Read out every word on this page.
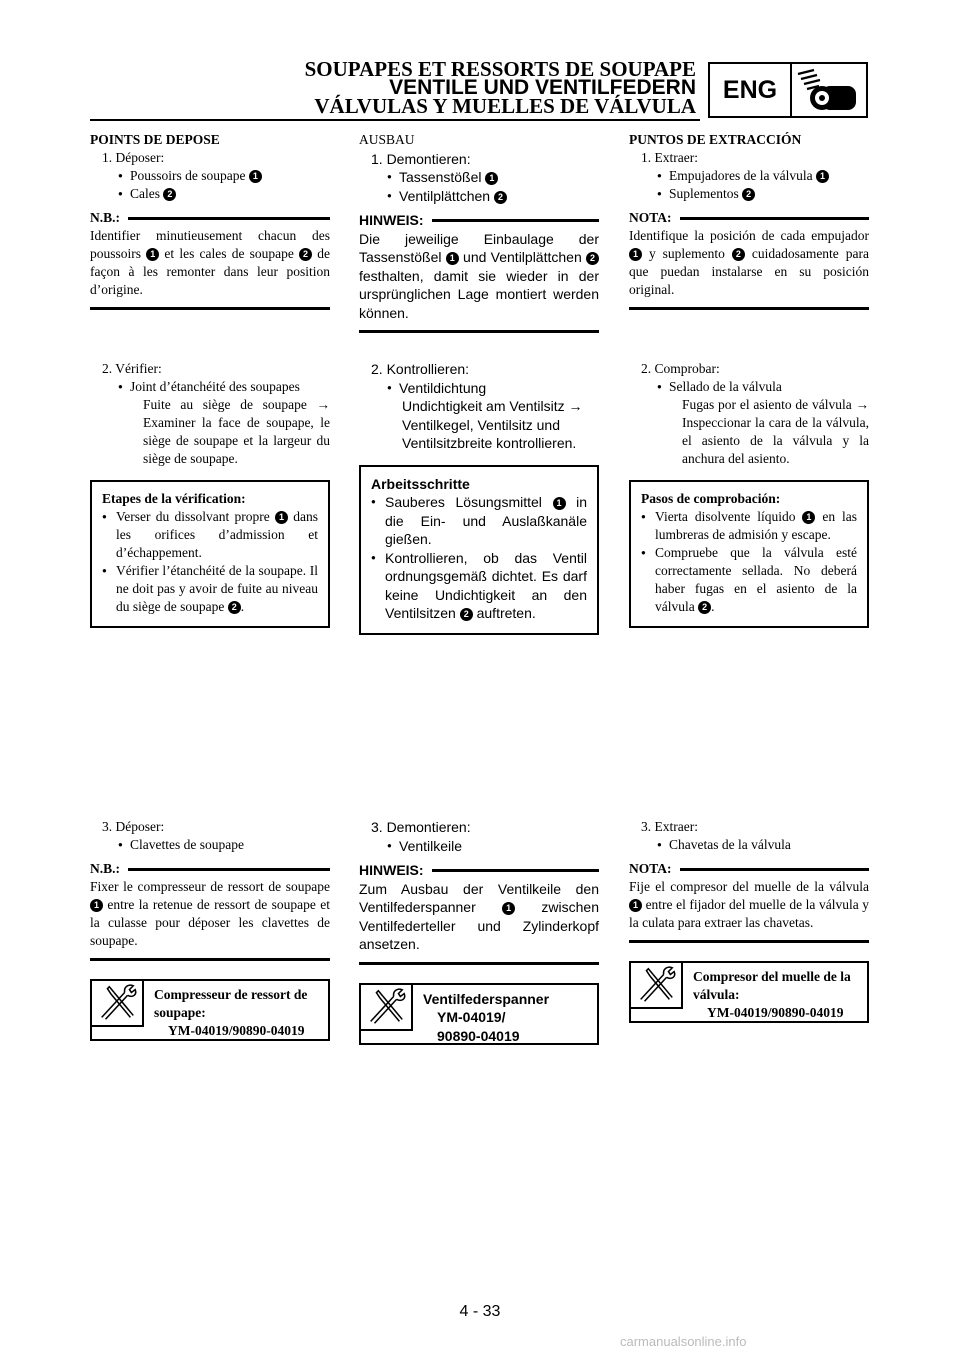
SOUPAPES ET RESSORTS DE SOUPAPE
VENTILE UND VENTILFEDERN
VÁLVULAS Y MUELLES DE VÁLVULA
ENG
POINTS DE DEPOSE
1. Déposer:
● Poussoirs de soupape 1
● Cales 2
N.B.:
Identifier minutieusement chacun des poussoirs 1 et les cales de soupape 2 de façon à les remonter dans leur position d’origine.
2. Vérifier:
● Joint d’étanchéité des soupapes
Fuite au siège de soupape → Examiner la face de soupape, le siège de soupape et la largeur du siège de soupape.
Etapes de la vérification:
● Verser du dissolvant propre 1 dans les orifices d’admission et d’échappement.
● Vérifier l’étanchéité de la soupape. Il ne doit pas y avoir de fuite au niveau du siège de soupape 2 .
3. Déposer:
● Clavettes de soupape
N.B.:
Fixer le compresseur de ressort de soupape 1 entre la retenue de ressort de soupape et la culasse pour déposer les clavettes de soupape.
Compresseur de ressort de soupape:
YM-04019/90890-04019
AUSBAU
1. Demontieren:
● Tassenstößel 1
● Ventilplättchen 2
HINWEIS:
Die jeweilige Einbaulage der Tassenstößel 1 und Ventilplättchen 2 festhalten, damit sie wieder in der ursprünglichen Lage montiert werden können.
2. Kontrollieren:
● Ventildichtung
Undichtigkeit am Ventilsitz → Ventilkegel, Ventilsitz und Ventilsitzbreite kontrollieren.
Arbeitsschritte
● Sauberes Lösungsmittel 1 in die Ein- und Auslaßkanäle gießen.
● Kontrollieren, ob das Ventil ordnungsgemäß dichtet. Es darf keine Undichtigkeit an den Ventilsitzen 2 auftreten.
3. Demontieren:
● Ventilkeile
HINWEIS:
Zum Ausbau der Ventilkeile den Ventilfederspanner 1 zwischen Ventilfederteller und Zylinderkopf ansetzen.
Ventilfederspanner
YM-04019/ 90890-04019
PUNTOS DE EXTRACCIÓN
1. Extraer:
● Empujadores de la válvula 1
● Suplementos 2
NOTA:
Identifique la posición de cada empujador 1 y suplemento 2 cuidadosamente para que puedan instalarse en su posición original.
2. Comprobar:
● Sellado de la válvula
Fugas por el asiento de válvula → Inspeccionar la cara de la válvula, el asiento de la válvula y la anchura del asiento.
Pasos de comprobación:
● Vierta disolvente líquido 1 en las lumbreras de admisión y escape.
● Compruebe que la válvula esté correctamente sellada. No deberá haber fugas en el asiento de la válvula 2 .
3. Extraer:
● Chavetas de la válvula
NOTA:
Fije el compresor del muelle de la válvula 1 entre el fijador del muelle de la válvula y la culata para extraer las chavetas.
Compresor del muelle de la válvula:
YM-04019/90890-04019
4 - 33
carmanualsonline.info
